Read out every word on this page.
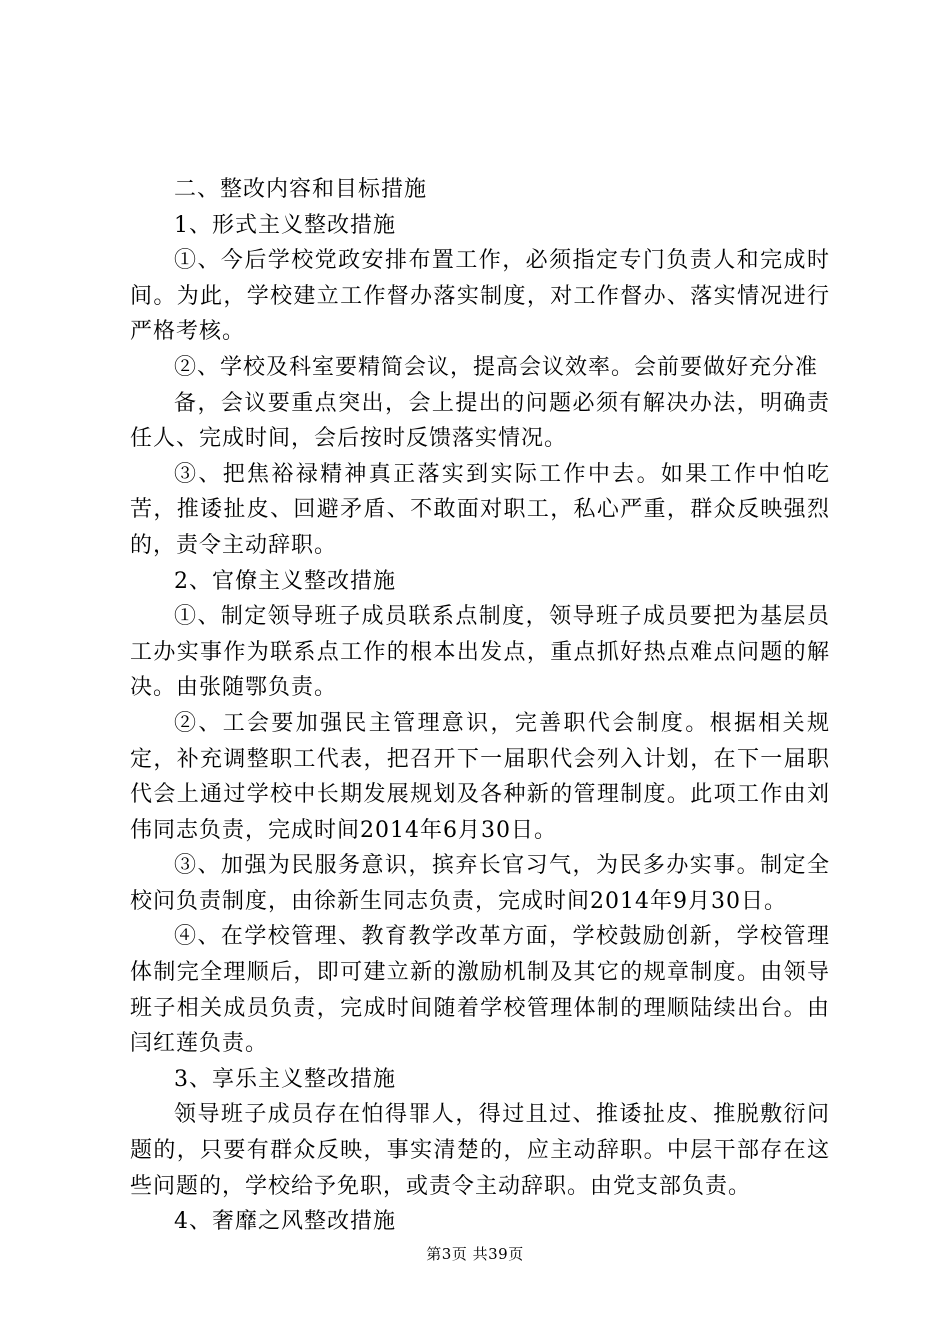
二、整改内容和目标措施

1、形式主义整改措施

①、今后学校党政安排布置工作，必须指定专门负责人和完成时间。为此，学校建立工作督办落实制度，对工作督办、落实情况进行严格考核。

②、学校及科室要精简会议，提高会议效率。会前要做好充分准

备，会议要重点突出，会上提出的问题必须有解决办法，明确责任人、完成时间，会后按时反馈落实情况。

③、把焦裕禄精神真正落实到实际工作中去。如果工作中怕吃苦，推诿扯皮、回避矛盾、不敢面对职工，私心严重，群众反映强烈的，责令主动辞职。

2、官僚主义整改措施

①、制定领导班子成员联系点制度，领导班子成员要把为基层员工办实事作为联系点工作的根本出发点，重点抓好热点难点问题的解决。由张随鄂负责。

②、工会要加强民主管理意识，完善职代会制度。根据相关规定，补充调整职工代表，把召开下一届职代会列入计划，在下一届职代会上通过学校中长期发展规划及各种新的管理制度。此项工作由刘伟同志负责，完成时间2014年6月30日。

③、加强为民服务意识，摈弃长官习气，为民多办实事。制定全校问负责制度，由徐新生同志负责，完成时间2014年9月30日。

④、在学校管理、教育教学改革方面，学校鼓励创新，学校管理体制完全理顺后，即可建立新的激励机制及其它的规章制度。由领导班子相关成员负责，完成时间随着学校管理体制的理顺陆续出台。由闫红莲负责。

3、享乐主义整改措施

领导班子成员存在怕得罪人，得过且过、推诿扯皮、推脱敷衍问题的，只要有群众反映，事实清楚的，应主动辞职。中层干部存在这些问题的，学校给予免职，或责令主动辞职。由党支部负责。

4、奢靡之风整改措施

第3页 共39页
